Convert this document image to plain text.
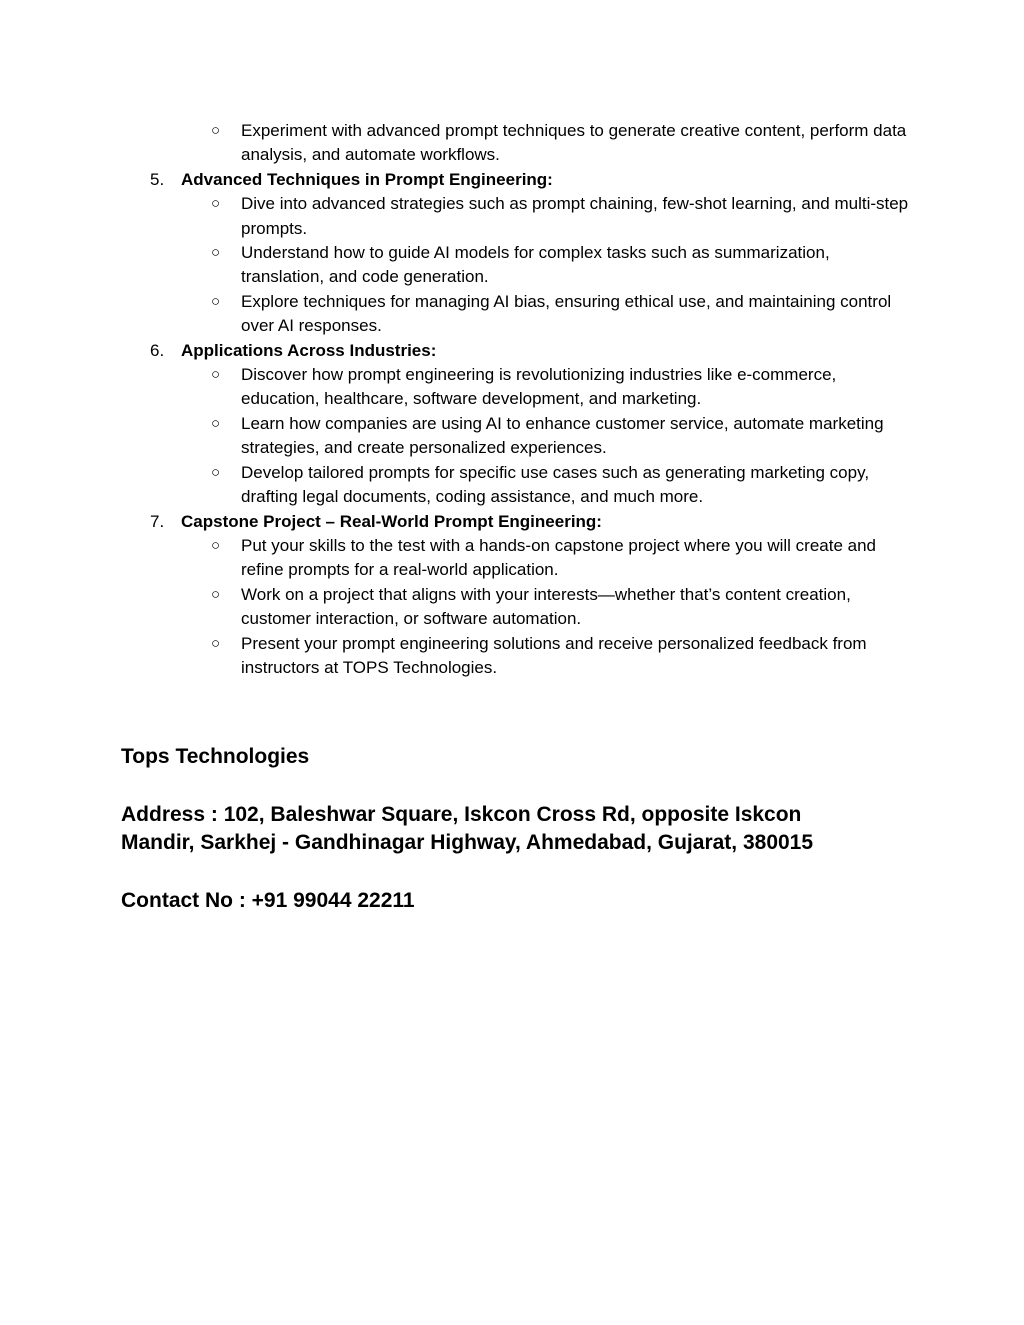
○ Experiment with advanced prompt techniques to generate creative content, perform data analysis, and automate workflows.
5. Advanced Techniques in Prompt Engineering:
○ Dive into advanced strategies such as prompt chaining, few-shot learning, and multi-step prompts.
○ Understand how to guide AI models for complex tasks such as summarization, translation, and code generation.
○ Explore techniques for managing AI bias, ensuring ethical use, and maintaining control over AI responses.
6. Applications Across Industries:
○ Discover how prompt engineering is revolutionizing industries like e-commerce, education, healthcare, software development, and marketing.
○ Learn how companies are using AI to enhance customer service, automate marketing strategies, and create personalized experiences.
○ Develop tailored prompts for specific use cases such as generating marketing copy, drafting legal documents, coding assistance, and much more.
7. Capstone Project – Real-World Prompt Engineering:
○ Put your skills to the test with a hands-on capstone project where you will create and refine prompts for a real-world application.
○ Work on a project that aligns with your interests—whether that’s content creation, customer interaction, or software automation.
○ Present your prompt engineering solutions and receive personalized feedback from instructors at TOPS Technologies.

Tops Technologies

Address : 102, Baleshwar Square, Iskcon Cross Rd, opposite Iskcon
Mandir, Sarkhej - Gandhinagar Highway, Ahmedabad, Gujarat, 380015

Contact No : +91 99044 22211
